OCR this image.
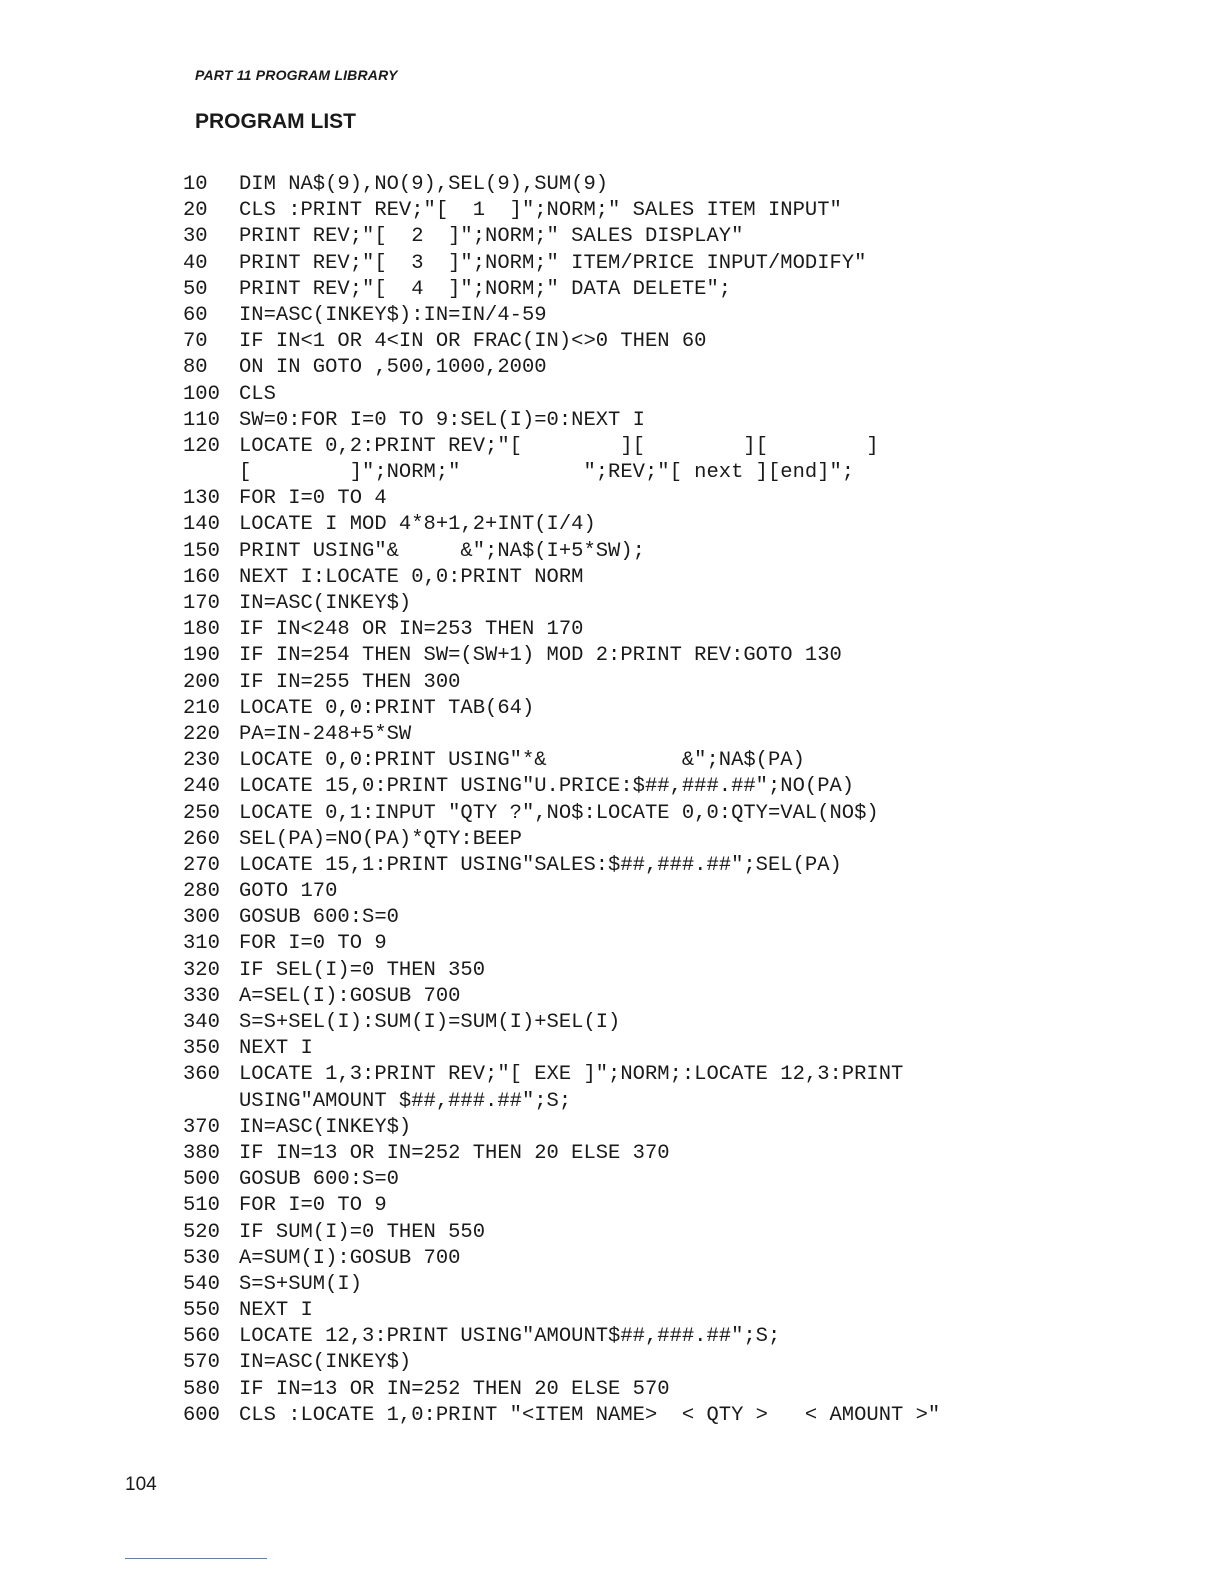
PART 11 PROGRAM LIBRARY
PROGRAM LIST
10 DIM NA$(9),NO(9),SEL(9),SUM(9)
20 CLS :PRINT REV;"[  1  ]";NORM;" SALES ITEM INPUT"
30 PRINT REV;"[  2  ]";NORM;" SALES DISPLAY"
40 PRINT REV;"[  3  ]";NORM;" ITEM/PRICE INPUT/MODIFY"
50 PRINT REV;"[  4  ]";NORM;" DATA DELETE";
60 IN=ASC(INKEY$):IN=IN/4-59
70 IF IN<1 OR 4<IN OR FRAC(IN)<>0 THEN 60
80 ON IN GOTO ,500,1000,2000
100 CLS
110 SW=0:FOR I=0 TO 9:SEL(I)=0:NEXT I
120 LOCATE 0,2:PRINT REV;"[        ][        ][        ]
[        ]";NORM;"          ";REV;"[ next ][end]";
130 FOR I=0 TO 4
140 LOCATE I MOD 4*8+1,2+INT(I/4)
150 PRINT USING"&     &";NA$(I+5*SW);
160 NEXT I:LOCATE 0,0:PRINT NORM
170 IN=ASC(INKEY$)
180 IF IN<248 OR IN=253 THEN 170
190 IF IN=254 THEN SW=(SW+1) MOD 2:PRINT REV:GOTO 130
200 IF IN=255 THEN 300
210 LOCATE 0,0:PRINT TAB(64)
220 PA=IN-248+5*SW
230 LOCATE 0,0:PRINT USING"*&           &";NA$(PA)
240 LOCATE 15,0:PRINT USING"U.PRICE:$##,###.##";NO(PA)
250 LOCATE 0,1:INPUT "QTY ?",NO$:LOCATE 0,0:QTY=VAL(NO$)
260 SEL(PA)=NO(PA)*QTY:BEEP
270 LOCATE 15,1:PRINT USING"SALES:$##,###.##";SEL(PA)
280 GOTO 170
300 GOSUB 600:S=0
310 FOR I=0 TO 9
320 IF SEL(I)=0 THEN 350
330 A=SEL(I):GOSUB 700
340 S=S+SEL(I):SUM(I)=SUM(I)+SEL(I)
350 NEXT I
360 LOCATE 1,3:PRINT REV;"[ EXE ]";NORM;:LOCATE 12,3:PRINT
USING"AMOUNT $##,###.##";S;
370 IN=ASC(INKEY$)
380 IF IN=13 OR IN=252 THEN 20 ELSE 370
500 GOSUB 600:S=0
510 FOR I=0 TO 9
520 IF SUM(I)=0 THEN 550
530 A=SUM(I):GOSUB 700
540 S=S+SUM(I)
550 NEXT I
560 LOCATE 12,3:PRINT USING"AMOUNT$##,###.##";S;
570 IN=ASC(INKEY$)
580 IF IN=13 OR IN=252 THEN 20 ELSE 570
600 CLS :LOCATE 1,0:PRINT "<ITEM NAME>  < QTY >   < AMOUNT >"
104
